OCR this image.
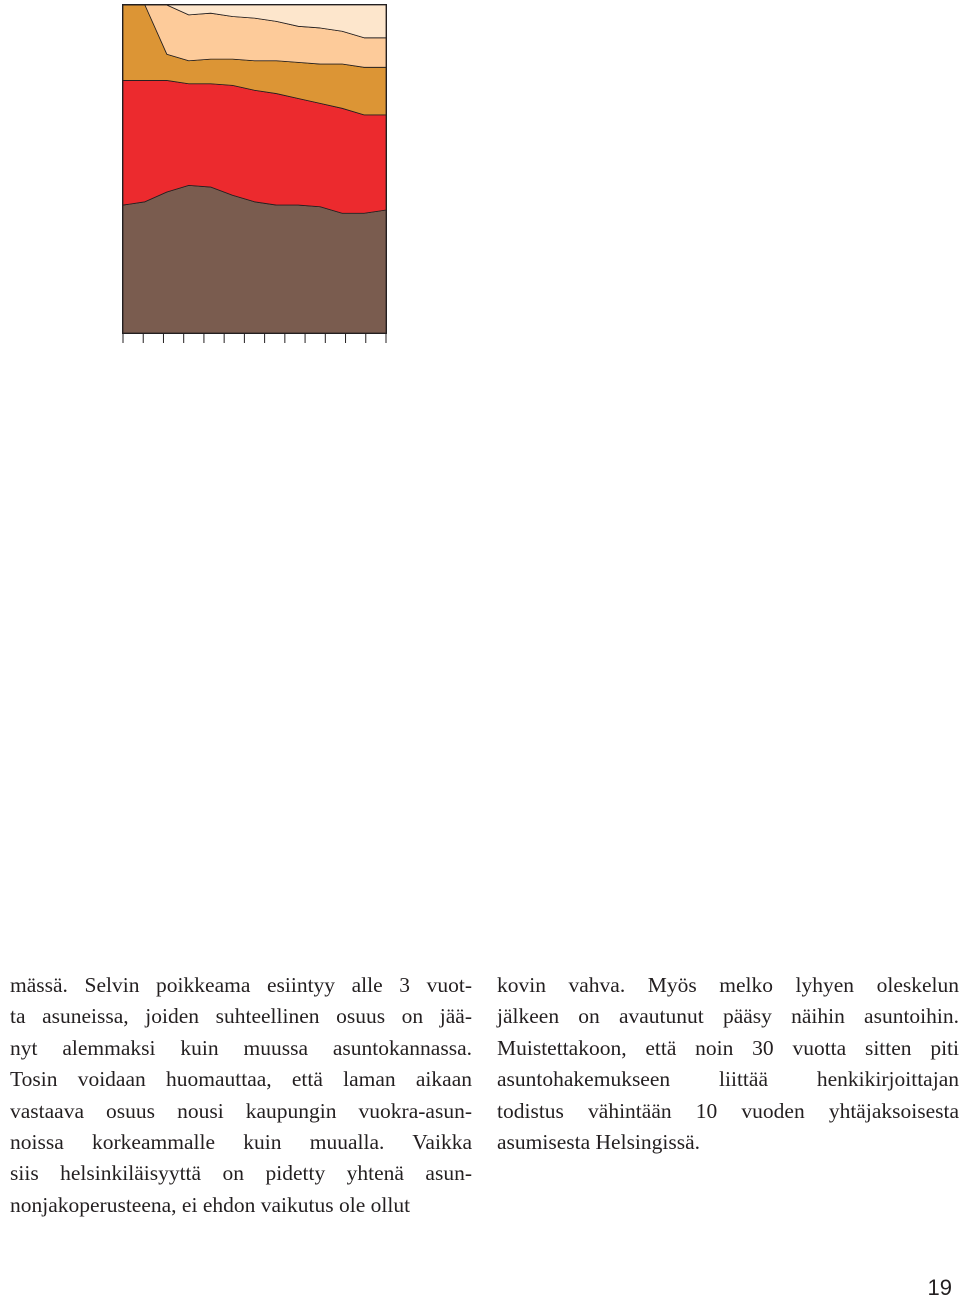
mässä. Selvin poikkeama esiintyy alle 3 vuot-
ta asuneissa, joiden suhteellinen osuus on jää-
nyt alemmaksi kuin muussa asuntokannassa.
Tosin voidaan huomauttaa, että laman aikaan
vastaava osuus nousi kaupungin vuokra-asun-
noissa korkeammalle kuin muualla. Vaikka
siis helsinkiläisyyttä on pidetty yhtenä asun-
nonjakoperusteena, ei ehdon vaikutus ole ollut
kovin vahva. Myös melko lyhyen oleskelun
jälkeen on avautunut pääsy näihin asuntoihin.
Muistettakoon, että noin 30 vuotta sitten piti
asuntohakemukseen liittää henkikirjoittajan
todistus vähintään 10 vuoden yhtäjaksoisesta
asumisesta Helsingissä.
19
